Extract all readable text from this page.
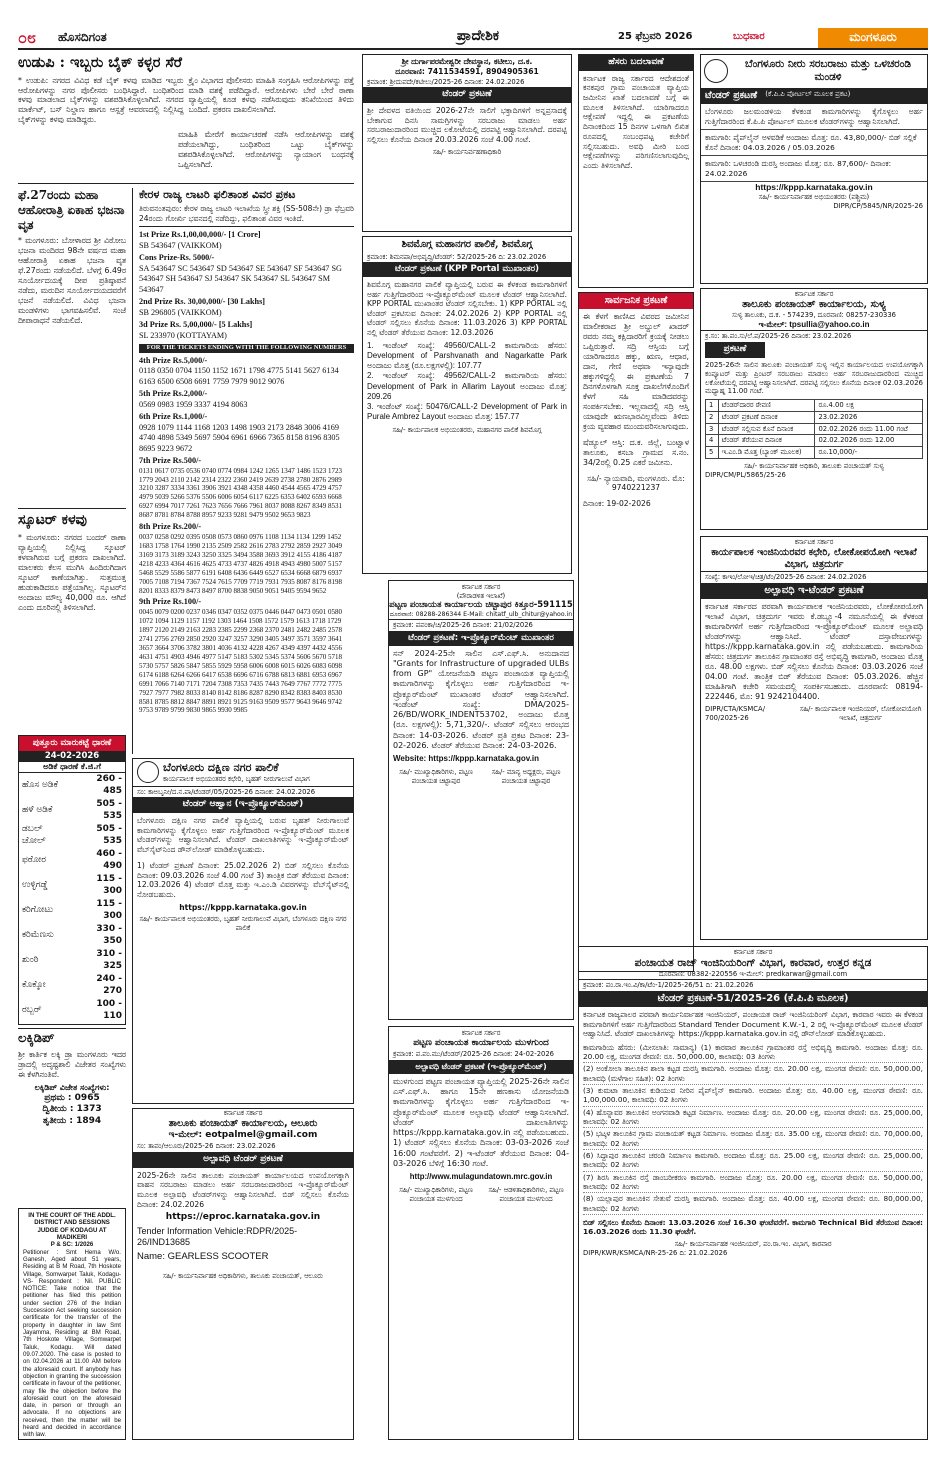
೦೮	ಹೊಸದಿಗಂತ	ಪ್ರಾದೇಶಿಕ	25 ಫೆಬ್ರವರಿ 2026	ಬುಧವಾರ	ಮಂಗಳೂರು
ಉಡುಪಿ : ಇಬ್ಬರು ಬೈಕ್ ಕಳ್ಳರ ಸೆರೆ
* ಉಡುಪಿ: ನಗರದ ವಿವಿಧ ಕಡೆ ಬೈಕ್ ಕಳವು ಮಾಡಿದ ಇಬ್ಬರು ಆರೋಪಿಗಳನ್ನು ನಗರ ಪೊಲೀಸರು ಬಂಧಿಸಿದ್ದಾರೆ. ಬಂಧಿತರಿಂದ ಕಳವು ಮಾಡಲಾದ ಬೈಕ್‌ಗಳನ್ನು ವಶಪಡಿಸಿಕೊಳ್ಳಲಾಗಿದೆ. ನಗರದ ಮಾರ್ಕೆಟ್, ಬಸ್ ನಿಲ್ದಾಣ ಹಾಗೂ ಆಸ್ಪತ್ರೆ ಆವರಣದಲ್ಲಿ ನಿಲ್ಲಿಸಿದ್ದ ಬೈಕ್‌ಗಳನ್ನು ಕಳವು ಮಾಡಿದ್ದರು.
ಕ್ರೈಂ ವಿಭಾಗದ ಪೊಲೀಸರು ಮಾಹಿತಿ ಸಂಗ್ರಹಿಸಿ ಆರೋಪಿಗಳನ್ನು ಪತ್ತೆ ಮಾಡಿ ವಶಕ್ಕೆ ಪಡೆದಿದ್ದಾರೆ. ಆರೋಪಿಗಳು ಬೇರೆ ಬೇರೆ ಠಾಣಾ ವ್ಯಾಪ್ತಿಯಲ್ಲಿ ಕೂಡ ಕಳವು ನಡೆಸಿರುವುದು ತನಿಖೆಯಿಂದ ತಿಳಿದು ಬಂದಿದೆ. ಪ್ರಕರಣ ದಾಖಲಿಸಲಾಗಿದೆ.
ಮಾಹಿತಿ ಮೇರೆಗೆ ಕಾರ್ಯಾಚರಣೆ ನಡೆಸಿ ಆರೋಪಿಗಳನ್ನು ವಶಕ್ಕೆ ಪಡೆಯಲಾಗಿದ್ದು, ಬಂಧಿತರಿಂದ ಒಟ್ಟು ಬೈಕ್‌ಗಳನ್ನು ವಶಪಡಿಸಿಕೊಳ್ಳಲಾಗಿದೆ. ಆರೋಪಿಗಳನ್ನು ನ್ಯಾಯಾಂಗ ಬಂಧನಕ್ಕೆ ಒಪ್ಪಿಸಲಾಗಿದೆ.
ಫೆ.27ರಂದು ಮಹಾ ಆಹೋರಾತ್ರಿ ಏಕಾಹ ಭಜನಾ ವೃತ
* ಮಂಗಳೂರು: ಬೋಳಾರದ ಶ್ರೀ ವಿಠೋಬ ಭಜನಾ ಮಂದಿರದ 98ನೇ ವರ್ಷದ ಮಹಾ ಆಹೋರಾತ್ರಿ ಏಕಾಹ ಭಜನಾ ವೃತ ಫೆ.27ರಂದು ನಡೆಯಲಿದೆ. ಬೆಳಗ್ಗೆ 6.49ರ ಸೂರ್ಯೋದಯಕ್ಕೆ ದೀಪ ಪ್ರತಿಷ್ಠಾಪನೆ ನಡೆದು, ಮರುದಿನ ಸೂರ್ಯೋದಯದವರೆಗೆ ಭಜನೆ ನಡೆಯಲಿದೆ. ವಿವಿಧ ಭಜನಾ ಮಂಡಳಿಗಳು ಭಾಗವಹಿಸಲಿವೆ. ಸಂಜೆ ದೀಪಾರಾಧನೆ ನಡೆಯಲಿದೆ.
ಸ್ಕೂಟರ್ ಕಳವು
* ಮಂಗಳೂರು: ನಗರದ ಬಂದರ್ ಠಾಣಾ ವ್ಯಾಪ್ತಿಯಲ್ಲಿ ನಿಲ್ಲಿಸಿದ್ದ ಸ್ಕೂಟರ್ ಕಳವಾಗಿರುವ ಬಗ್ಗೆ ಪ್ರಕರಣ ದಾಖಲಾಗಿದೆ. ಮಾಲಕರು ಕೆಲಸ ಮುಗಿಸಿ ಹಿಂದಿರುಗಿದಾಗ ಸ್ಕೂಟರ್ ಕಾಣೆಯಾಗಿತ್ತು. ಸುತ್ತಮುತ್ತ ಹುಡುಕಾಡಿದರೂ ಪತ್ತೆಯಾಗಿಲ್ಲ. ಸ್ಕೂಟರ್‌ನ ಅಂದಾಜು ಮೌಲ್ಯ 40,000 ರೂ. ಆಗಿದೆ ಎಂದು ದೂರಿನಲ್ಲಿ ತಿಳಿಸಲಾಗಿದೆ.
ಪುತ್ತೂರು ಮಾರುಕಟ್ಟೆ ಧಾರಣೆ
24-02-2026
ಅಡಿಕೆ ಧಾರಣೆ ಕೆ.ಜಿ.ಗೆ
ಹೊಸ ಅಡಿಕೆ	260 - 485
ಹಳೆ ಅಡಿಕೆ	505 - 535
ಡಬಲ್ ಚೋಲ್	505 - 535
ಫಠೋರ	460 - 490
ಉಳ್ಳಿಗಡ್ಡೆ	115 - 300
ಕರಿಗೋಟು	115 - 300
ಕರಿಮೆಣಸು	330 - 350
ಶುಂಠಿ	310 - 325
ಕೊಕ್ಕೋ	240 - 270
ರಬ್ಬರ್	100 - 110

ಲಕ್ಕಿಡಿಪ್
ಶ್ರೀ ಕಾರ್ತಿಕ ಲಕ್ಕಿ ಡ್ರಾ ಮಂಗಳೂರು ಇದರ ಡ್ರಾದಲ್ಲಿ ಅದೃಷ್ಟಶಾಲಿ ವಿಜೇತರ ಸಂಖ್ಯೆಗಳು ಈ ಕೆಳಗಿನಂತಿವೆ.
ಲಕ್ಕಿಡಿಪ್ ವಿಜೇತ ಸಂಖ್ಯೆಗಳು:
ಪ್ರಥಮ : 0965
ದ್ವಿತೀಯ : 1373
ತೃತೀಯ : 1894
IN THE COURT OF THE ADDL. DISTRICT AND SESSIONS JUDGE OF KODAGU AT MADIKERI
P & SC: 1/2026
Petitioner : Smt Hema W/o. Ganesh, Aged about 51 years, Residing at B M Road, 7th Hoskote Village, Somwarpet Taluk, Kodagu-VS- Respondent : Nil. PUBLIC NOTICE: Take notice that the petitioner has filed this petition under section 276 of the Indian Succession Act seeking succession certificate for the transfer of the property in daughter in law Smt Jayamma, Residing at BM Road, 7th Hoskote Village, Somwarpet Taluk, Kodagu. Will dated 09.07.2020. The case is posted to on 02.04.2026 at 11.00 AM before the aforesaid court. If anybody has objection in granting the succession certificate in favour of the petitioner, may file the objection before the aforesaid court on the aforesaid date, in person or through an advocate. If no objections are received, then the matter will be heard and decided in accordance with law.
ಕೇರಳ ರಾಜ್ಯ ಲಾಟರಿ ಫಲಿತಾಂಶ ವಿವರ ಪ್ರಕಟ
ತಿರುವನಂತಪುರಂ: ಕೇರಳ ರಾಜ್ಯ ಲಾಟರಿ ಇಲಾಖೆಯ ಸ್ತ್ರೀ ಶಕ್ತಿ (SS-508ನೇ) ಡ್ರಾ ಫೆಬ್ರವರಿ 24ರಂದು ಗೋರ್ಖಿ ಭವನದಲ್ಲಿ ನಡೆದಿದ್ದು, ಫಲಿತಾಂಶ ವಿವರ ಇಂತಿದೆ.

1st Prize Rs.1,00,00,000/- [1 Crore]

SB 543647 (VAIKKOM)

Cons Prize-Rs. 5000/-

SA 543647 SC 543647 SD 543647 SE 543647 SF 543647 SG 543647 SH 543647 SJ 543647 SK 543647 SL 543647 SM 543647

2nd Prize Rs. 30,00,000/- [30 Lakhs]

SB 296805 (VAIKKOM)

3d Prize Rs. 5,00,000/- [5 Lakhs]

SL 233970 (KOTTAYAM)

FOR THE TICKETS ENDING WITH THE FOLLOWING NUMBERS

4th Prize Rs.5,000/-

0118 0350 0704 1150 1152 1671 1798 4775 5141 5627 6134 6163 6500 6508 6691 7759 7979 9012 9076

5th Prize Rs.2,000/-

0569 0983 1959 3337 4194 8063

6th Prize Rs.1,000/-

0928 1079 1144 1168 1203 1498 1903 2173 2848 3006 4169 4740 4898 5349 5697 5904 6961 6966 7365 8158 8196 8305 8695 9223 9672

7th Prize Rs.500/-

0131 0617 0735 0536 0740 0774 0984 1242 1265 1347 1486 1523 1723 1779 2043 2110 2142 2314 2322 2360 2419 2639 2738 2780 2876 2989 3210 3287 3334 3361 3906 3921 4348 4358 4460 4544 4565 4729 4757 4979 5039 5266 5376 5506 6006 6054 6117 6225 6353 6402 6593 6668 6927 6994 7017 7261 7623 7656 7666 7961 8037 8088 8267 8349 8531 8687 8781 8784 8788 8957 9233 9281 9479 9502 9653 9823

8th Prize Rs.200/-

0037 0258 0292 0395 0508 0573 0860 0976 1108 1134 1134 1299 1452 1683 1758 1764 1990 2135 2509 2582 2616 2783 2792 2859 2927 3049 3169 3173 3189 3243 3250 3325 3494 3588 3693 3912 4155 4186 4187 4218 4233 4364 4616 4625 4733 4737 4826 4918 4943 4980 5007 5157 5468 5529 5586 5877 6191 6408 6436 6449 6527 6534 6668 6879 6937 7005 7108 7194 7367 7524 7615 7709 7719 7931 7935 8087 8176 8198 8201 8333 8379 8473 8497 8700 8838 9050 9051 9405 9594 9652

9th Prize Rs.100/-

0045 0079 0200 0237 0346 0347 0352 0375 0446 0447 0473 0501 0580 1072 1094 1129 1157 1192 1303 1464 1508 1572 1579 1613 1718 1729 1897 2120 2149 2163 2283 2385 2299 2368 2370 2481 2482 2485 2578 2741 2756 2769 2850 2920 3247 3257 3290 3405 3497 3571 3597 3641 3657 3664 3706 3782 3801 4036 4132 4228 4267 4349 4397 4432 4556 4631 4751 4903 4946 4977 5147 5183 5302 5345 5374 5606 5670 5718 5730 5757 5826 5847 5855 5929 5958 6006 6008 6015 6026 6083 6098 6174 6188 6264 6266 6417 6538 6696 6716 6788 6813 6881 6953 6967 6991 7066 7140 7171 7204 7308 7353 7435 7443 7649 7767 7772 7775 7927 7977 7982 8033 8140 8142 8186 8287 8290 8342 8383 8403 8530 8581 8785 8812 8847 8891 8921 9125 9163 9509 9577 9643 9646 9742 9753 9789 9799 9830 9865 9930 9985

ಬೆಂಗಳೂರು ದಕ್ಷಿಣ ನಗರ ಪಾಲಿಕೆ
ಕಾರ್ಯಪಾಲಕ ಅಭಿಯಂತರರ ಕಛೇರಿ, ಬೃಹತ್ ನೀರುಗಾಲುವೆ ವಿಭಾಗ
ಸಂ: ಕಾಅಬೃನೀ/ದ.ನ.ಪಾ/ಟೆಂಡರ್/05/2025-26 ದಿನಾಂಕ: 24.02.2026
ಟೆಂಡರ್ ಆಹ್ವಾನ (ಇ-ಪ್ರೊಕ್ಯೂರ್‌ಮೆಂಟ್)
ಬೆಂಗಳೂರು ದಕ್ಷಿಣ ನಗರ ಪಾಲಿಕೆ ವ್ಯಾಪ್ತಿಯಲ್ಲಿ ಬರುವ ಬೃಹತ್ ನೀರುಗಾಲುವೆ ಕಾಮಗಾರಿಗಳನ್ನು ಕೈಗೊಳ್ಳಲು ಅರ್ಹ ಗುತ್ತಿಗೆದಾರರಿಂದ ಇ-ಪ್ರೊಕ್ಯೂರ್‌ಮೆಂಟ್ ಮೂಲಕ ಟೆಂಡರ್‌ಗಳನ್ನು ಆಹ್ವಾನಿಸಲಾಗಿದೆ. ಟೆಂಡರ್ ದಾಖಲಾತಿಗಳನ್ನು ಇ-ಪ್ರೊಕ್ಯೂರ್‌ಮೆಂಟ್ ವೆಬ್‌ಸೈಟ್‌ನಿಂದ ಡೌನ್‌ಲೋಡ್ ಮಾಡಿಕೊಳ್ಳಬಹುದು.
1) ಟೆಂಡರ್ ಪ್ರಕಟಣೆ ದಿನಾಂಕ: 25.02.2026 2) ಬಿಡ್ ಸಲ್ಲಿಸಲು ಕೊನೆಯ ದಿನಾಂಕ: 09.03.2026 ಸಂಜೆ 4.00 ಗಂಟೆ 3) ತಾಂತ್ರಿಕ ಬಿಡ್ ತೆರೆಯುವ ದಿನಾಂಕ: 12.03.2026 4) ಟೆಂಡರ್ ಮೊತ್ತ ಮತ್ತು ಇ.ಎಂ.ಡಿ ವಿವರಗಳನ್ನು ವೆಬ್‌ಸೈಟ್‌ನಲ್ಲಿ ನೋಡಬಹುದು.
https://kppp.karnataka.gov.in
ಸಹಿ/- ಕಾರ್ಯಪಾಲಕ ಅಭಿಯಂತರರು, ಬೃಹತ್ ನೀರುಗಾಲುವೆ ವಿಭಾಗ, ಬೆಂಗಳೂರು ದಕ್ಷಿಣ ನಗರ ಪಾಲಿಕೆ
ಕರ್ನಾಟಕ ಸರ್ಕಾರ
ತಾಲೂಕು ಪಂಚಾಯತ್ ಕಾರ್ಯಾಲಯ, ಆಲೂರು
ಇ-ಮೇಲ್: eotpalmel@gmail.com
ಸಂ: ತಾಪಂ/ಆಲೂರು/2025-26 ದಿನಾಂಕ: 23.02.2026
ಅಲ್ಪಾವಧಿ ಟೆಂಡರ್ ಪ್ರಕಟಣೆ
2025-26ನೇ ಸಾಲಿನ ತಾಲೂಕು ಪಂಚಾಯತ್ ಕಾರ್ಯಾಲಯದ ಉಪಯೋಗಕ್ಕಾಗಿ ವಾಹನ ಸರಬರಾಜು ಮಾಡಲು ಅರ್ಹ ಸರಬರಾಜುದಾರರಿಂದ ಇ-ಪ್ರೊಕ್ಯೂರ್‌ಮೆಂಟ್ ಮೂಲಕ ಅಲ್ಪಾವಧಿ ಟೆಂಡರ್‌ಗಳನ್ನು ಆಹ್ವಾನಿಸಲಾಗಿದೆ. ಬಿಡ್ ಸಲ್ಲಿಸಲು ಕೊನೆಯ ದಿನಾಂಕ: 24.02.2026
https://eproc.karnataka.gov.in
Tender Information Vehicle:RDPR/2025-26/IND13685
Name: GEARLESS SCOOTER
ಸಹಿ/- ಕಾರ್ಯನಿರ್ವಾಹಕ ಅಧಿಕಾರಿಗಳು, ತಾಲೂಕು ಪಂಚಾಯತ್, ಆಲೂರು
ಶ್ರೀ ದುರ್ಗಾಪರಮೇಶ್ವರೀ ದೇವಸ್ಥಾನ, ಕಟೀಲು, ದ.ಕ.
ದೂರವಾಣಿ: 7411534591, 8904905361
ಕ್ರಮಾಂಕ: ಶ್ರೀದುಪದೇ/ಕಟೀಲು/2025-26 ದಿನಾಂಕ: 24.02.2026
ಟೆಂಡರ್ ಪ್ರಕಟಣೆ
ಶ್ರೀ ದೇವಳದ ವತಿಯಿಂದ 2026-27ನೇ ಸಾಲಿಗೆ ಭಕ್ತಾದಿಗಳಿಗೆ ಅನ್ನಪ್ರಸಾದಕ್ಕೆ ಬೇಕಾಗುವ ದಿನಸಿ ಸಾಮಗ್ರಿಗಳನ್ನು ಸರಬರಾಜು ಮಾಡಲು ಅರ್ಹ ಸರಬರಾಜುದಾರರಿಂದ ಮುಚ್ಚಿದ ಲಕೋಟೆಯಲ್ಲಿ ದರಪಟ್ಟಿ ಆಹ್ವಾನಿಸಲಾಗಿದೆ. ದರಪಟ್ಟಿ ಸಲ್ಲಿಸಲು ಕೊನೆಯ ದಿನಾಂಕ 20.03.2026 ಸಂಜೆ 4.00 ಗಂಟೆ.
ಸಹಿ/- ಕಾರ್ಯನಿರ್ವಹಣಾಧಿಕಾರಿ
ಶಿವಮೊಗ್ಗ ಮಹಾನಗರ ಪಾಲಿಕೆ, ಶಿವಮೊಗ್ಗ
ಕ್ರಮಾಂಕ: ಶಿಮನಪಾ/ಅಭಿವೃದ್ಧಿ/ಟೆಂಡರ್: 52/2025-26 ದಿ: 23.02.2026
ಟೆಂಡರ್ ಪ್ರಕಟಣೆ (KPP Portal ಮುಖಾಂತರ)
ಶಿವಮೊಗ್ಗ ಮಹಾನಗರ ಪಾಲಿಕೆ ವ್ಯಾಪ್ತಿಯಲ್ಲಿ ಬರುವ ಈ ಕೆಳಕಂಡ ಕಾಮಗಾರಿಗಳಿಗೆ ಅರ್ಹ ಗುತ್ತಿಗೆದಾರರಿಂದ ಇ-ಪ್ರೊಕ್ಯೂರ್‌ಮೆಂಟ್ ಮೂಲಕ ಟೆಂಡರ್ ಆಹ್ವಾನಿಸಲಾಗಿದೆ. KPP PORTAL ಮುಖಾಂತರ ಟೆಂಡರ್ ಸಲ್ಲಿಸಬೇಕು. 1) KPP PORTAL ನಲ್ಲಿ ಟೆಂಡರ್ ಪ್ರಕಟಿಸುವ ದಿನಾಂಕ: 24.02.2026 2) KPP PORTAL ನಲ್ಲಿ ಟೆಂಡರ್ ಸಲ್ಲಿಸಲು ಕೊನೆಯ ದಿನಾಂಕ: 11.03.2026 3) KPP PORTAL ನಲ್ಲಿ ಟೆಂಡರ್ ತೆರೆಯುವ ದಿನಾಂಕ: 12.03.2026
1. ಇಂಡೆಂಟ್ ಸಂಖ್ಯೆ: 49560/CALL-2 ಕಾಮಗಾರಿಯ ಹೆಸರು: Development of Parshvanath and Nagarkatte Park ಅಂದಾಜು ಮೊತ್ತ (ರೂ.ಲಕ್ಷಗಳಲ್ಲಿ): 107.77
2. ಇಂಡೆಂಟ್ ಸಂಖ್ಯೆ: 49562/CALL-2 ಕಾಮಗಾರಿಯ ಹೆಸರು: Development of Park in Allarim Layout ಅಂದಾಜು ಮೊತ್ತ: 209.26
3. ಇಂಡೆಂಟ್ ಸಂಖ್ಯೆ: 50476/CALL-2 Development of Park in Purale Ambrez Layout ಅಂದಾಜು ಮೊತ್ತ: 157.77
ಸಹಿ/- ಕಾರ್ಯಪಾಲಕ ಅಭಿಯಂತರರು, ಮಹಾನಗರ ಪಾಲಿಕೆ ಶಿವಮೊಗ್ಗ
ಕರ್ನಾಟಕ ಸರ್ಕಾರ
(ಪೌರಾಡಳಿತ ಇಲಾಖೆ)
ಪಟ್ಟಣ ಪಂಚಾಯತ ಕಾರ್ಯಾಲಯ ಚಿಟ್ಟಾಪುರ ಕಿತ್ತೂರ-591115
ದೂರವಾಣಿ: 08288-286344 E-Mail: chitatf_ulb_chitur@yahoo.in
ಕ್ರಮಾಂಕ: ಪಪಂಕಾ/ಚಿ/2025-26 ದಿನಾಂಕ: 21/02/2026
ಟೆಂಡರ್ ಪ್ರಕಟಣೆ: ಇ-ಪ್ರೊಕ್ಯೂರ್‌ಮೆಂಟ್ ಮುಖಾಂತರ
ಸನ್ 2024-25ನೇ ಸಾಲಿನ ಎಸ್.ಎಫ್.ಸಿ. ಅನುದಾನದ "Grants for Infrastructure of upgraded ULBs from GP" ಯೋಜನೆಯಡಿ ಪಟ್ಟಣ ಪಂಚಾಯತ ವ್ಯಾಪ್ತಿಯಲ್ಲಿ ಕಾಮಗಾರಿಗಳನ್ನು ಕೈಗೊಳ್ಳಲು ಅರ್ಹ ಗುತ್ತಿಗೆದಾರರಿಂದ ಇ-ಪ್ರೊಕ್ಯೂರ್‌ಮೆಂಟ್ ಮುಖಾಂತರ ಟೆಂಡರ್ ಆಹ್ವಾನಿಸಲಾಗಿದೆ. ಇಂಡೆಂಟ್ ಸಂಖ್ಯೆ: DMA/2025-26/BD/WORK_INDENT53702, ಅಂದಾಜು ಮೊತ್ತ (ರೂ. ಲಕ್ಷಗಳಲ್ಲಿ): 5,71,320/-. ಟೆಂಡರ್ ಸಲ್ಲಿಸಲು ಆರಂಭದ ದಿನಾಂಕ: 14-03-2026. ಟೆಂಡರ್ ಪ್ರತಿ ಪ್ರಕಟ ದಿನಾಂಕ: 23-02-2026. ಟೆಂಡರ್ ತೆರೆಯುವ ದಿನಾಂಕ: 24-03-2026.
Website: https://kppp.karnataka.gov.in
ಸಹಿ/- ಮುಖ್ಯಾಧಿಕಾರಿಗಳು, ಪಟ್ಟಣ ಪಂಚಾಯತ ಚಿಟ್ಟಾಪುರ
ಸಹಿ/- ಮಾನ್ಯ ಅಧ್ಯಕ್ಷರು, ಪಟ್ಟಣ ಪಂಚಾಯತ ಚಿಟ್ಟಾಪುರ
ಕರ್ನಾಟಕ ಸರ್ಕಾರ
ಪಟ್ಟಣ ಪಂಚಾಯತ ಕಾರ್ಯಾಲಯ ಮುಳಗುಂದ
ಕ್ರಮಾಂಕ: ಪ.ಪಂ.ಮು/ಟೆಂಡರ್/2025-26 ದಿನಾಂಕ: 24-02-2026
ಅಲ್ಪಾವಧಿ ಟೆಂಡರ್ ಪ್ರಕಟಣೆ (ಇ-ಪ್ರೊಕ್ಯೂರ್‌ಮೆಂಟ್)
ಮುಳಗುಂದ ಪಟ್ಟಣ ಪಂಚಾಯತ ವ್ಯಾಪ್ತಿಯಲ್ಲಿ 2025-26ನೇ ಸಾಲಿನ ಎಸ್.ಎಫ್.ಸಿ. ಹಾಗೂ 15ನೇ ಹಣಕಾಸು ಯೋಜನೆಯಡಿ ಕಾಮಗಾರಿಗಳನ್ನು ಕೈಗೊಳ್ಳಲು ಅರ್ಹ ಗುತ್ತಿಗೆದಾರರಿಂದ ಇ-ಪ್ರೊಕ್ಯೂರ್‌ಮೆಂಟ್ ಮೂಲಕ ಅಲ್ಪಾವಧಿ ಟೆಂಡರ್ ಆಹ್ವಾನಿಸಲಾಗಿದೆ. ಟೆಂಡರ್ ದಾಖಲಾತಿಗಳನ್ನು https://kppp.karnataka.gov.in ನಲ್ಲಿ ಪಡೆಯಬಹುದು. 1) ಟೆಂಡರ್ ಸಲ್ಲಿಸಲು ಕೊನೆಯ ದಿನಾಂಕ: 03-03-2026 ಸಂಜೆ 16:00 ಗಂಟೆವರೆಗೆ. 2) ಇ-ಟೆಂಡರ್ ತೆರೆಯುವ ದಿನಾಂಕ: 04-03-2026 ಬೆಳಿಗ್ಗೆ 16:30 ಗಂಟೆ.
http://www.mulagundatown.mrc.gov.in
ಸಹಿ/- ಮುಖ್ಯಾಧಿಕಾರಿಗಳು, ಪಟ್ಟಣ ಪಂಚಾಯತ ಮುಳಗುಂದ
ಸಹಿ/- ಆಡಳಿತಾಧಿಕಾರಿಗಳು, ಪಟ್ಟಣ ಪಂಚಾಯತ ಮುಳಗುಂದ
ಹೆಸರು ಬದಲಾವಣೆ
ಕರ್ನಾಟಕ ರಾಜ್ಯ ಸರ್ಕಾರದ ಆದೇಶದಂತೆ ಕನಕಪುರ ಗ್ರಾಮ ಪಂಚಾಯತ ವ್ಯಾಪ್ತಿಯ ಜಮೀನಿನ ಖಾತೆ ಬದಲಾವಣೆ ಬಗ್ಗೆ ಈ ಮೂಲಕ ತಿಳಿಸಲಾಗಿದೆ. ಯಾರಿಗಾದರೂ ಆಕ್ಷೇಪಣೆ ಇದ್ದಲ್ಲಿ ಈ ಪ್ರಕಟಣೆಯ ದಿನಾಂಕದಿಂದ 15 ದಿನಗಳ ಒಳಗಾಗಿ ಲಿಖಿತ ರೂಪದಲ್ಲಿ ಸಂಬಂಧಪಟ್ಟ ಕಚೇರಿಗೆ ಸಲ್ಲಿಸಬಹುದು. ಅವಧಿ ಮೀರಿ ಬಂದ ಆಕ್ಷೇಪಣೆಗಳನ್ನು ಪರಿಗಣಿಸಲಾಗುವುದಿಲ್ಲ ಎಂದು ತಿಳಿಸಲಾಗಿದೆ.
ಸಾರ್ವಜನಿಕ ಪ್ರಕಟಣೆ
ಈ ಕೆಳಗೆ ಕಾಣಿಸಿದ ವಿವರದ ಜಮೀನಿನ ಮಾಲೀಕರಾದ ಶ್ರೀ ಅಬ್ದುಲ್ ಖಾದರ್ ರವರು ನಮ್ಮ ಕಕ್ಷಿದಾರರಿಗೆ ಕ್ರಯಕ್ಕೆ ನೀಡಲು ಒಪ್ಪಿರುತ್ತಾರೆ. ಸದ್ರಿ ಆಸ್ತಿಯ ಬಗ್ಗೆ ಯಾರಿಗಾದರೂ ಹಕ್ಕು, ಋಣ, ಆಧಾರ, ದಾನ, ಗೇಣಿ ಅಥವಾ ಇನ್ಯಾವುದೇ ಹಕ್ಕುಗಳಿದ್ದಲ್ಲಿ ಈ ಪ್ರಕಟಣೆಯ 7 ದಿನಗಳೊಳಗಾಗಿ ಸೂಕ್ತ ದಾಖಲೆಗಳೊಂದಿಗೆ ಕೆಳಗೆ ಸಹಿ ಮಾಡಿದವರನ್ನು ಸಂಪರ್ಕಿಸಬೇಕು. ಇಲ್ಲವಾದಲ್ಲಿ ಸದ್ರಿ ಆಸ್ತಿ ಯಾವುದೇ ಋಣಭಾರವಿಲ್ಲವೆಂದು ತಿಳಿದು ಕ್ರಯ ವ್ಯವಹಾರ ಮುಂದುವರಿಸಲಾಗುವುದು.
ಷೆಡ್ಯೂಲ್ ಆಸ್ತಿ: ದ.ಕ. ಜಿಲ್ಲೆ, ಬಂಟ್ವಾಳ ತಾಲೂಕು, ಕಸಬಾ ಗ್ರಾಮದ ಸ.ನಂ. 34/2ರಲ್ಲಿ 0.25 ಎಕರೆ ಜಮೀನು.
ಸಹಿ/- ನ್ಯಾಯವಾದಿ, ಮಂಗಳೂರು. ಮೊ: 9740221237
ದಿನಾಂಕ: 19-02-2026
ಬೆಂಗಳೂರು ನೀರು ಸರಬರಾಜು ಮತ್ತು ಒಳಚರಂಡಿ ಮಂಡಳಿ
ಟೆಂಡರ್ ಪ್ರಕಟಣೆ	(ಕೆ.ಪಿ.ಪಿ ಪೋರ್ಟಲ್ ಮೂಲಕ ಪ್ರಕಟ)
ಬೆಂಗಳೂರು ಜಲಮಂಡಳಿಯ ಕೆಳಕಂಡ ಕಾಮಗಾರಿಗಳನ್ನು ಕೈಗೊಳ್ಳಲು ಅರ್ಹ ಗುತ್ತಿಗೆದಾರರಿಂದ ಕೆ.ಪಿ.ಪಿ ಪೋರ್ಟಲ್ ಮೂಲಕ ಟೆಂಡರ್‌ಗಳನ್ನು ಆಹ್ವಾನಿಸಲಾಗಿದೆ.
ಕಾಮಗಾರಿ: ಪೈಪ್‌ಲೈನ್ ಅಳವಡಿಕೆ ಅಂದಾಜು ಮೊತ್ತ: ರೂ. 43,80,000/- ಬಿಡ್ ಸಲ್ಲಿಕೆ ಕೊನೆ ದಿನಾಂಕ: 04.03.2026 / 05.03.2026
ಕಾಮಗಾರಿ: ಒಳಚರಂಡಿ ದುರಸ್ತಿ ಅಂದಾಜು ಮೊತ್ತ: ರೂ. 87,600/- ದಿನಾಂಕ: 24.02.2026
https://kppp.karnataka.gov.in
ಸಹಿ/- ಕಾರ್ಯನಿರ್ವಾಹಕ ಅಭಿಯಂತರರು (ಪಶ್ಚಿಮ)
DIPR/CP/5845/NR/2025-26
ಕರ್ನಾಟಕ ಸರ್ಕಾರ
ತಾಲೂಕು ಪಂಚಾಯತ್ ಕಾರ್ಯಾಲಯ, ಸುಳ್ಯ
ಸುಳ್ಯ ತಾಲೂಕು, ದ.ಕ. - 574239, ದೂರವಾಣಿ: 08257-230336
ಇ-ಮೇಲ್: tpsullia@yahoo.co.in
ಕ್ರ.ಸಂ: ತಾ.ಪಂ.ಸು/ಲೆ.ಪ/2025-26 ದಿನಾಂಕ: 23.02.2026
ಪ್ರಕಟಣೆ
2025-26ನೇ ಸಾಲಿನ ತಾಲೂಕು ಪಂಚಾಯತ್ ಸುಳ್ಯ ಇಲ್ಲಿನ ಕಾರ್ಯಾಲಯದ ಉಪಯೋಗಕ್ಕಾಗಿ ಕಂಪ್ಯೂಟರ್ ಮತ್ತು ಪ್ರಿಂಟರ್ ಸರಬರಾಜು ಮಾಡಲು ಅರ್ಹ ಸರಬರಾಜುದಾರರಿಂದ ಮುಚ್ಚಿದ ಲಕೋಟೆಯಲ್ಲಿ ದರಪಟ್ಟಿ ಆಹ್ವಾನಿಸಲಾಗಿದೆ. ದರಪಟ್ಟಿ ಸಲ್ಲಿಸಲು ಕೊನೆಯ ದಿನಾಂಕ 02.03.2026 ಮಧ್ಯಾಹ್ನ 11.00 ಗಂಟೆ.
1	ಟೆಂಡರ್‌ದಾರರ ಠೇವಣಿ	ರೂ.4.00 ಲಕ್ಷ
2	ಟೆಂಡರ್ ಪ್ರಕಟಣೆ ದಿನಾಂಕ	23.02.2026
3	ಟೆಂಡರ್ ಸಲ್ಲಿಸುವ ಕೊನೆ ದಿನಾಂಕ	02.02.2026 ರಂದು 11.00 ಗಂಟೆ
4	ಟೆಂಡರ್ ತೆರೆಯುವ ದಿನಾಂಕ	02.02.2026 ರಂದು 12.00
5	ಇ.ಎಂ.ಡಿ ಮೊತ್ತ (ಬ್ಯಾಂಕ್ ಮೂಲಕ)	ರೂ.10,000/-
ಸಹಿ/- ಕಾರ್ಯನಿರ್ವಾಹಕ ಅಧಿಕಾರಿ, ತಾಲೂಕು ಪಂಚಾಯತ್ ಸುಳ್ಯ
DIPR/CM/PL/5865/25-26
ಕರ್ನಾಟಕ ಸರ್ಕಾರ
ಕಾರ್ಯಪಾಲಕ ಇಂಜಿನಿಯರವರ ಕಛೇರಿ, ಲೋಕೋಪಯೋಗಿ ಇಲಾಖೆ ವಿಭಾಗ, ಚಿತ್ರದುರ್ಗ
ಸಂಖ್ಯೆ: ಕಾಇಂ/ಲೋಇ/ಚಿತ್ರ/ಟೆಂ/2025-26 ದಿನಾಂಕ: 24.02.2026
ಅಲ್ಪಾವಧಿ ಇ-ಟೆಂಡರ್ ಪ್ರಕಟಣೆ
ಕರ್ನಾಟಕ ಸರ್ಕಾರದ ಪರವಾಗಿ ಕಾರ್ಯಪಾಲಕ ಇಂಜಿನಿಯರವರು, ಲೋಕೋಪಯೋಗಿ ಇಲಾಖೆ ವಿಭಾಗ, ಚಿತ್ರದುರ್ಗ ಇವರು ಕೆ.ಡಬ್ಲ್ಯೂ-4 ನಮೂನೆಯಲ್ಲಿ ಈ ಕೆಳಕಂಡ ಕಾಮಗಾರಿಗಳಿಗೆ ಅರ್ಹ ಗುತ್ತಿಗೆದಾರರಿಂದ ಇ-ಪ್ರೊಕ್ಯೂರ್‌ಮೆಂಟ್ ಮೂಲಕ ಅಲ್ಪಾವಧಿ ಟೆಂಡರ್‌ಗಳನ್ನು ಆಹ್ವಾನಿಸಿದೆ. ಟೆಂಡರ್ ದಸ್ತಾವೇಜುಗಳನ್ನು https://kppp.karnataka.gov.in ನಲ್ಲಿ ಪಡೆಯಬಹುದು. ಕಾಮಗಾರಿಯ ಹೆಸರು: ಚಿತ್ರದುರ್ಗ ತಾಲೂಕಿನ ಗ್ರಾಮಾಂತರ ರಸ್ತೆ ಅಭಿವೃದ್ಧಿ ಕಾಮಗಾರಿ, ಅಂದಾಜು ಮೊತ್ತ ರೂ. 48.00 ಲಕ್ಷಗಳು. ಬಿಡ್ ಸಲ್ಲಿಸಲು ಕೊನೆಯ ದಿನಾಂಕ: 03.03.2026 ಸಂಜೆ 04.00 ಗಂಟೆ. ತಾಂತ್ರಿಕ ಬಿಡ್ ತೆರೆಯುವ ದಿನಾಂಕ: 05.03.2026. ಹೆಚ್ಚಿನ ಮಾಹಿತಿಗಾಗಿ ಕಚೇರಿ ಸಮಯದಲ್ಲಿ ಸಂಪರ್ಕಿಸಬಹುದು. ದೂರವಾಣಿ: 08194-222446, ಮೊ: 91 9242104400.
DIPR/CTA/KSMCA/ 700/2025-26
ಸಹಿ/- ಕಾರ್ಯಪಾಲಕ ಇಂಜಿನಿಯರ್, ಲೋಕೋಪಯೋಗಿ ಇಲಾಖೆ, ಚಿತ್ರದುರ್ಗ
ಕರ್ನಾಟಕ ಸರ್ಕಾರ
ಪಂಚಾಯತ ರಾಜ್ ಇಂಜಿನಿಯರಿಂಗ್ ವಿಭಾಗ, ಕಾರವಾರ, ಉತ್ತರ ಕನ್ನಡ
ದೂರವಾಣಿ: 08382-220556 ಇ-ಮೇಲ್: predkarwar@gmail.com
ಕ್ರಮಾಂಕ: ಪಂ.ರಾ.ಇಂ.ವಿ/ಕಾ/ಟೆಂ-1/2025-26/51 ದಿ: 21.02.2026
ಟೆಂಡರ್ ಪ್ರಕಟಣೆ-51/2025-26 (ಕೆ.ಪಿ.ಪಿ ಮೂಲಕ)
ಕರ್ನಾಟಕ ರಾಜ್ಯಪಾಲರ ಪರವಾಗಿ ಕಾರ್ಯನಿರ್ವಾಹಕ ಇಂಜಿನಿಯರ್, ಪಂಚಾಯತ ರಾಜ್ ಇಂಜಿನಿಯರಿಂಗ್ ವಿಭಾಗ, ಕಾರವಾರ ಇವರು ಈ ಕೆಳಕಂಡ ಕಾಮಗಾರಿಗಳಿಗೆ ಅರ್ಹ ಗುತ್ತಿಗೆದಾರರಿಂದ Standard Tender Document K.W.-1, 2 ರಲ್ಲಿ ಇ-ಪ್ರೊಕ್ಯೂರ್‌ಮೆಂಟ್ ಮೂಲಕ ಟೆಂಡರ್ ಆಹ್ವಾನಿಸಿದೆ. ಟೆಂಡರ್ ದಾಖಲಾತಿಗಳನ್ನು https://kppp.karnataka.gov.in ನಲ್ಲಿ ಡೌನ್‌ಲೋಡ್ ಮಾಡಿಕೊಳ್ಳಬಹುದು.
ಕಾಮಗಾರಿಯ ಹೆಸರು: (ಮೀಸಲಾತಿ: ಸಾಮಾನ್ಯ) (1) ಕಾರವಾರ ತಾಲೂಕಿನ ಗ್ರಾಮಾಂತರ ರಸ್ತೆ ಅಭಿವೃದ್ಧಿ ಕಾಮಗಾರಿ. ಅಂದಾಜು ಮೊತ್ತ: ರೂ. 20.00 ಲಕ್ಷ, ಮುಂಗಡ ಠೇವಣಿ: ರೂ. 50,000.00, ಕಾಲಾವಧಿ: 03 ತಿಂಗಳು
(2) ಅಂಕೋಲಾ ತಾಲೂಕಿನ ಶಾಲಾ ಕಟ್ಟಡ ದುರಸ್ತಿ ಕಾಮಗಾರಿ. ಅಂದಾಜು ಮೊತ್ತ: ರೂ. 20.00 ಲಕ್ಷ, ಮುಂಗಡ ಠೇವಣಿ: ರೂ. 50,000.00, ಕಾಲಾವಧಿ (ಮಳೆಗಾಲ ಸಹಿತ): 02 ತಿಂಗಳು
(3) ಕುಮಟಾ ತಾಲೂಕಿನ ಕುಡಿಯುವ ನೀರಿನ ಪೈಪ್‌ಲೈನ್ ಕಾಮಗಾರಿ. ಅಂದಾಜು ಮೊತ್ತ: ರೂ. 40.00 ಲಕ್ಷ, ಮುಂಗಡ ಠೇವಣಿ: ರೂ. 1,00,000.00, ಕಾಲಾವಧಿ: 02 ತಿಂಗಳು
(4) ಹೊನ್ನಾವರ ತಾಲೂಕಿನ ಅಂಗನವಾಡಿ ಕಟ್ಟಡ ನಿರ್ಮಾಣ. ಅಂದಾಜು ಮೊತ್ತ: ರೂ. 20.00 ಲಕ್ಷ, ಮುಂಗಡ ಠೇವಣಿ: ರೂ. 25,000.00, ಕಾಲಾವಧಿ: 02 ತಿಂಗಳು
(5) ಭಟ್ಕಳ ತಾಲೂಕಿನ ಗ್ರಾಮ ಪಂಚಾಯತ್ ಕಟ್ಟಡ ನಿರ್ಮಾಣ. ಅಂದಾಜು ಮೊತ್ತ: ರೂ. 35.00 ಲಕ್ಷ, ಮುಂಗಡ ಠೇವಣಿ: ರೂ. 70,000.00, ಕಾಲಾವಧಿ: 02 ತಿಂಗಳು
(6) ಸಿದ್ದಾಪುರ ತಾಲೂಕಿನ ಚರಂಡಿ ನಿರ್ಮಾಣ ಕಾಮಗಾರಿ. ಅಂದಾಜು ಮೊತ್ತ: ರೂ. 25.00 ಲಕ್ಷ, ಮುಂಗಡ ಠೇವಣಿ: ರೂ. 25,000.00, ಕಾಲಾವಧಿ: 02 ತಿಂಗಳು
(7) ಶಿರಸಿ ತಾಲೂಕಿನ ರಸ್ತೆ ಡಾಂಬರೀಕರಣ ಕಾಮಗಾರಿ. ಅಂದಾಜು ಮೊತ್ತ: ರೂ. 20.00 ಲಕ್ಷ, ಮುಂಗಡ ಠೇವಣಿ: ರೂ. 50,000.00, ಕಾಲಾವಧಿ: 02 ತಿಂಗಳು
(8) ಯಲ್ಲಾಪುರ ತಾಲೂಕಿನ ಸೇತುವೆ ದುರಸ್ತಿ ಕಾಮಗಾರಿ. ಅಂದಾಜು ಮೊತ್ತ: ರೂ. 40.00 ಲಕ್ಷ, ಮುಂಗಡ ಠೇವಣಿ: ರೂ. 80,000.00, ಕಾಲಾವಧಿ: 02 ತಿಂಗಳು
ಬಿಡ್ ಸಲ್ಲಿಸಲು ಕೊನೆಯ ದಿನಾಂಕ: 13.03.2026 ಸಂಜೆ 16.30 ಘಂಟೆವರೆಗೆ. ಕಾಮಗಾರಿ Technical Bid ತೆರೆಯುವ ದಿನಾಂಕ: 16.03.2026 ರಂದು 11.30 ಘಂಟೆಗೆ.
ಸಹಿ/- ಕಾರ್ಯನಿರ್ವಾಹಕ ಇಂಜಿನಿಯರ್, ಪಂ.ರಾ.ಇಂ. ವಿಭಾಗ, ಕಾರವಾರ
DIPR/KWR/KSMCA/NR-25-26 ದಿ: 21.02.2026
